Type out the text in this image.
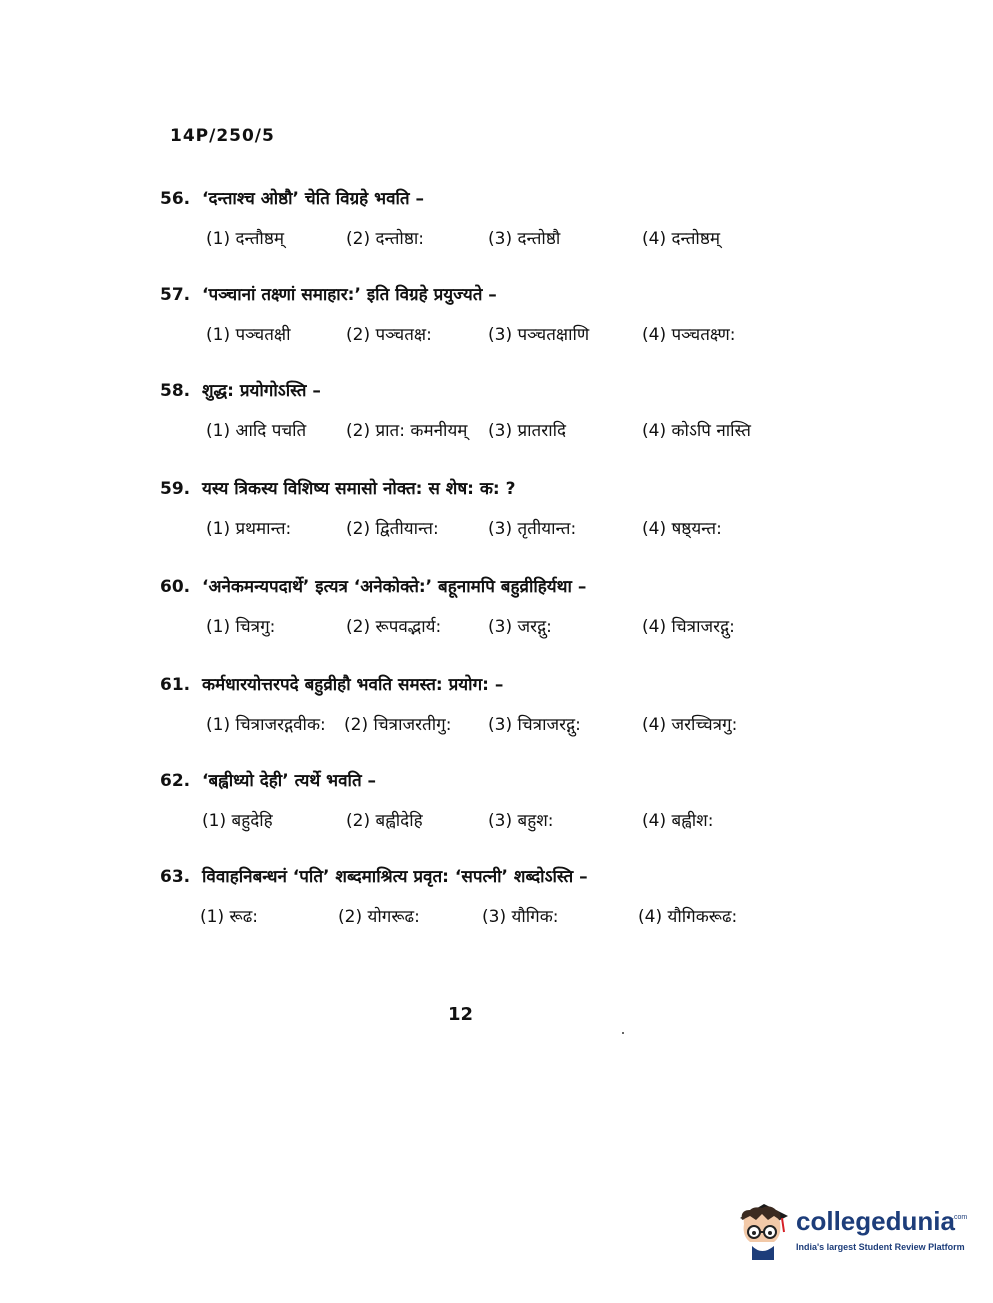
14P/250/5
56. ‘दन्ताश्च ओष्ठौ’ चेति विग्रहे भवति –
(1) दन्तौष्ठम्	(2) दन्तोष्ठा:	(3) दन्तोष्ठौ	(4) दन्तोष्ठम्
57. ‘पञ्चानां तक्ष्णां समाहार:’ इति विग्रहे प्रयुज्यते –
(1) पञ्चतक्षी	(2) पञ्चतक्ष:	(3) पञ्चतक्षाणि	(4) पञ्चतक्ष्ण:
58. शुद्ध: प्रयोगोऽस्ति –
(1) आदि पचति (2) प्रात: कमनीयम् (3) प्रातरादि	(4) कोऽपि नास्ति
59. यस्य त्रिकस्य विशिष्य समासो नोक्त: स शेष: क: ?
(1) प्रथमान्त:	(2) द्वितीयान्त:	(3) तृतीयान्त:	(4) षष्ठ्यन्त:
60. ‘अनेकमन्यपदार्थे’ इत्यत्र ‘अनेकोक्ते:’ बहूनामपि बहुव्रीहिर्यथा –
(1) चित्रगु:	(2) रूपवद्भार्य:	(3) जरद्गु:	(4) चित्राजरद्गु:
61. कर्मधारयोत्तरपदे बहुव्रीहौ भवति समस्त: प्रयोग: –
(1) चित्राजरद्गवीक: (2) चित्राजरतीगु: (3) चित्राजरद्गु:	(4) जरच्चित्रगु:
62. ‘बह्वीध्यो देही’ त्यर्थे भवति –
(1) बहुदेहि	(2) बह्वीदेहि	(3) बहुश:	(4) बह्वीश:
63. विवाहनिबन्धनं ‘पति’ शब्दमाश्रित्य प्रवृत: ‘सपत्नी’ शब्दोऽस्ति –
(1) रूढ:	(2) योगरूढ:	(3) यौगिक:	(4) यौगिकरूढ:
12
collegedunia
.com
India's largest Student Review Platform
